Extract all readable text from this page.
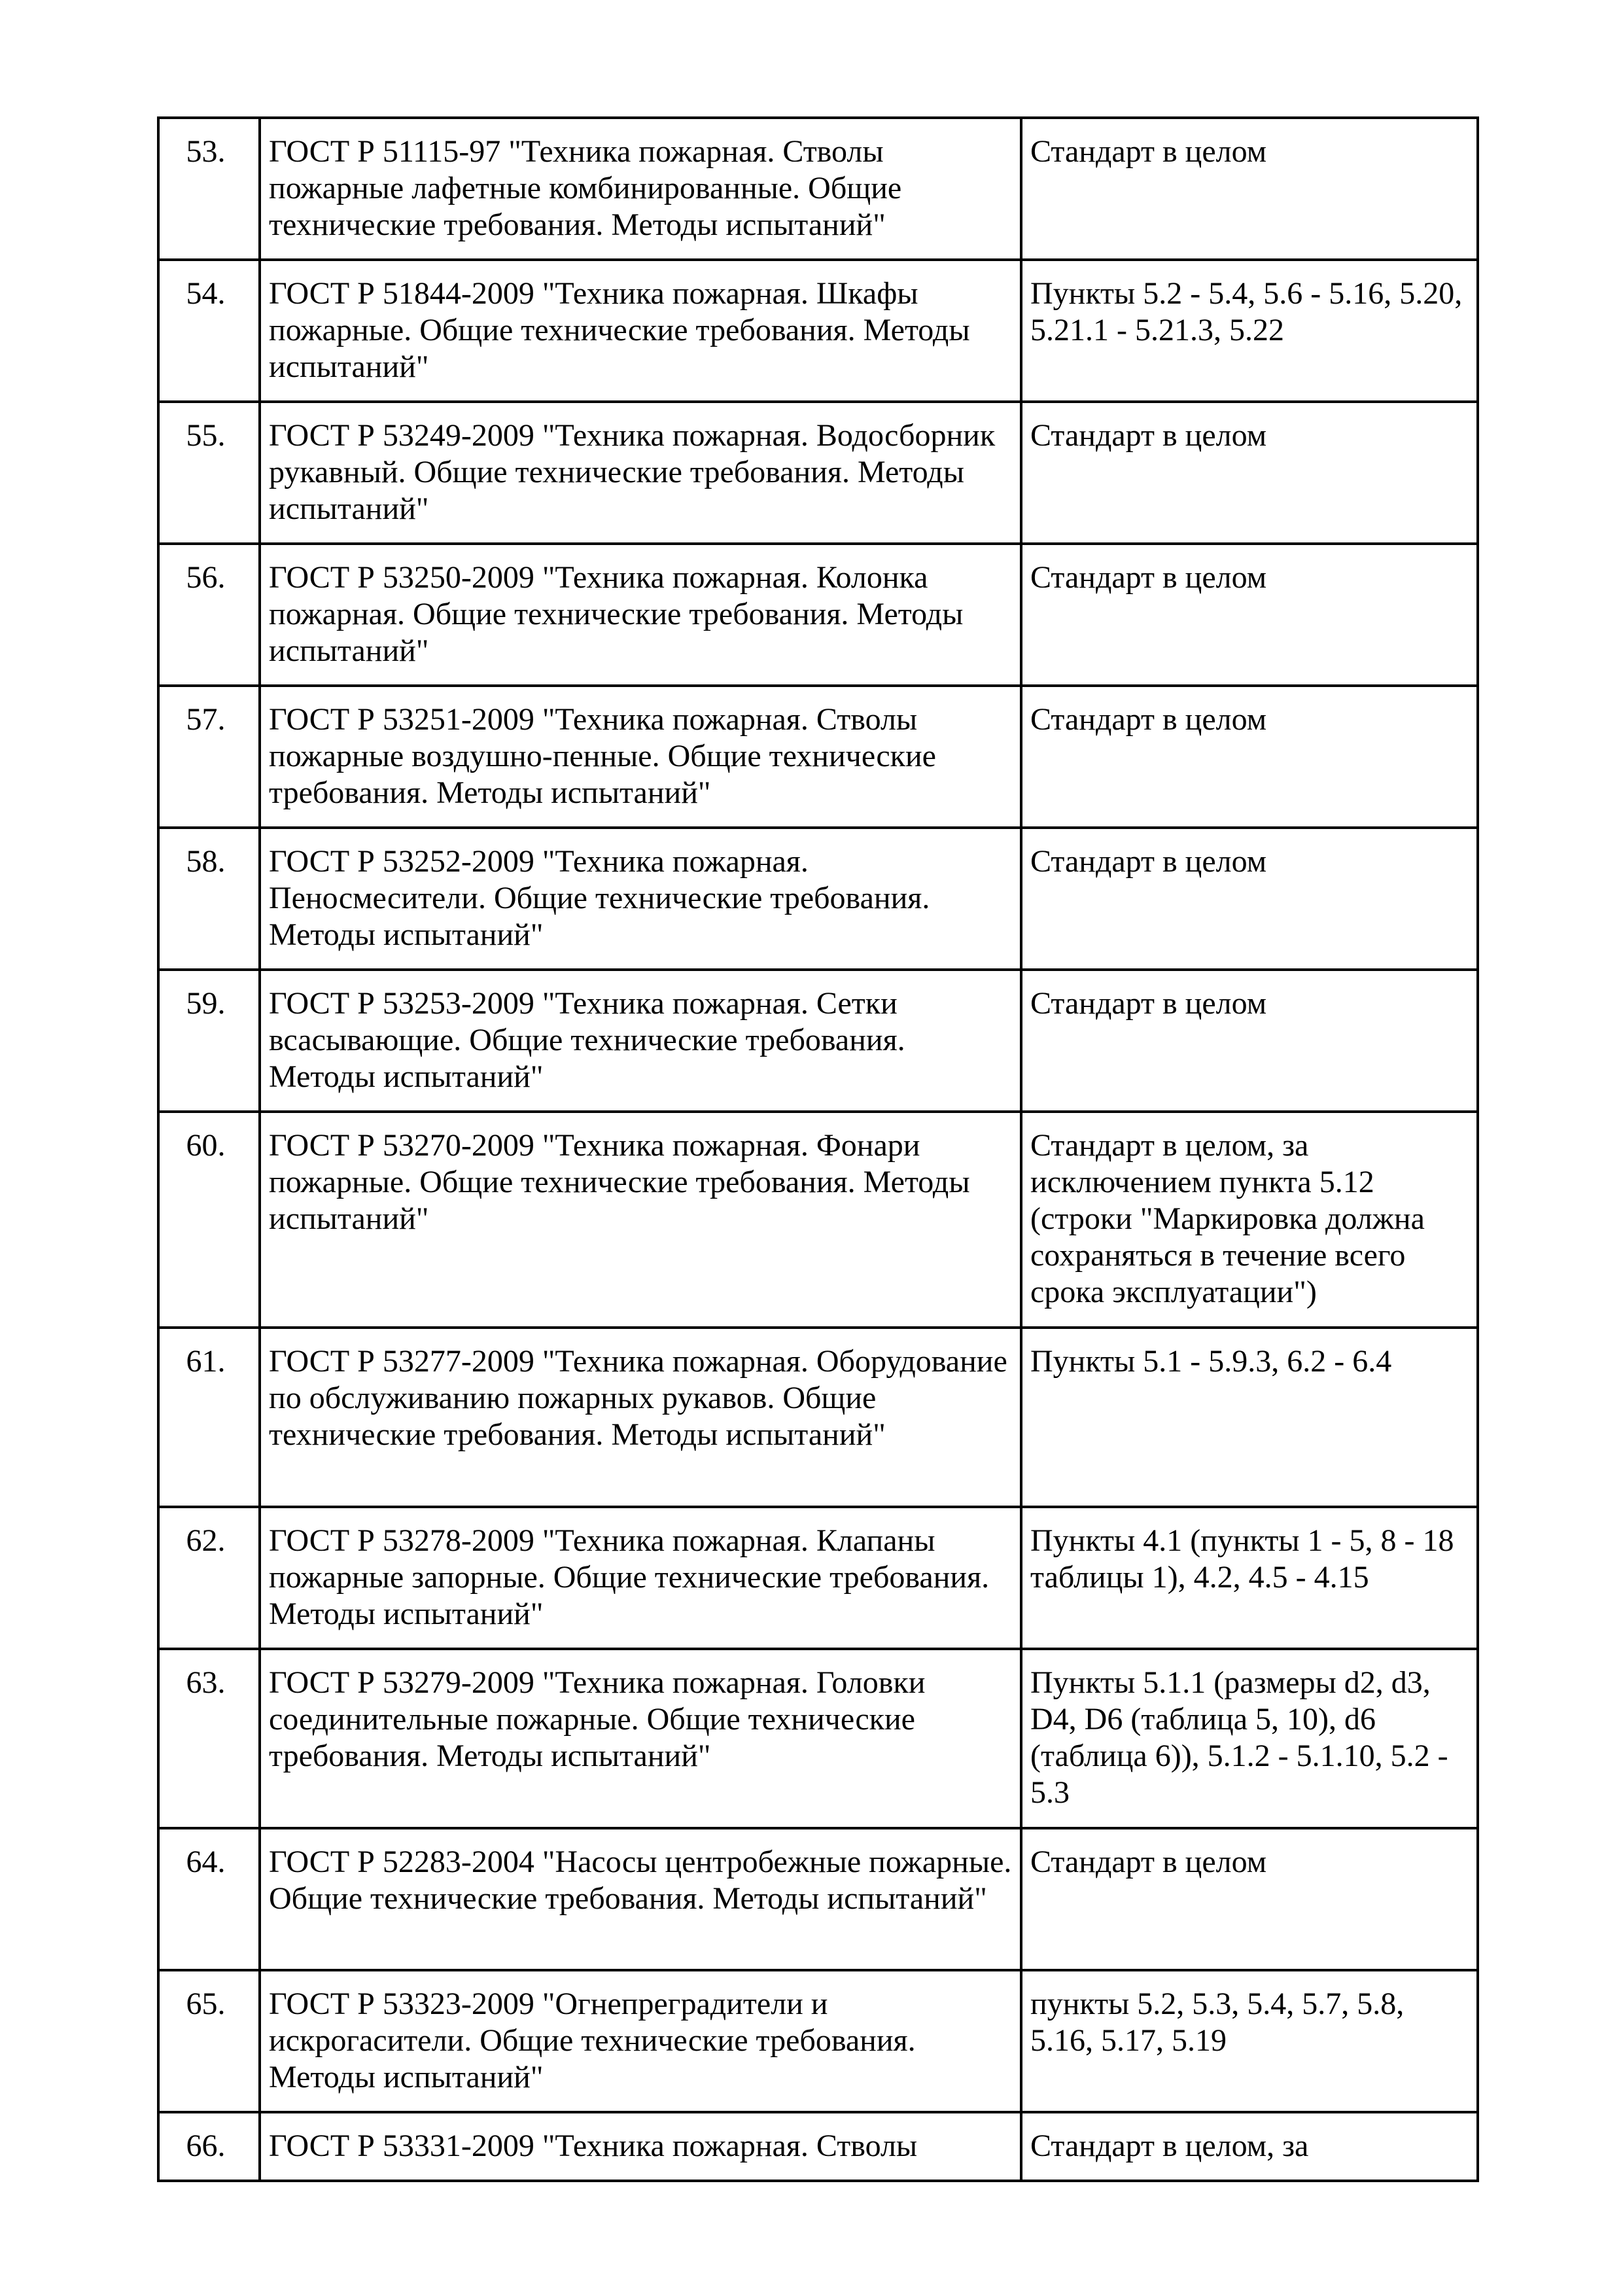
53.	ГОСТ Р 51115-97 "Техника пожарная. Стволы пожарные лафетные комбинированные. Общие технические требования. Методы испытаний"	Стандарт в целом
54.	ГОСТ Р 51844-2009 "Техника пожарная. Шкафы пожарные. Общие технические требования. Методы испытаний"	Пункты 5.2 - 5.4, 5.6 - 5.16, 5.20, 5.21.1 - 5.21.3, 5.22
55.	ГОСТ Р 53249-2009 "Техника пожарная. Водосборник рукавный. Общие технические требования. Методы испытаний"	Стандарт в целом
56.	ГОСТ Р 53250-2009 "Техника пожарная. Колонка пожарная. Общие технические требования. Методы испытаний"	Стандарт в целом
57.	ГОСТ Р 53251-2009 "Техника пожарная. Стволы пожарные воздушно-пенные. Общие технические требования. Методы испытаний"	Стандарт в целом
58.	ГОСТ Р 53252-2009 "Техника пожарная. Пеносмесители. Общие технические требования. Методы испытаний"	Стандарт в целом
59.	ГОСТ Р 53253-2009 "Техника пожарная. Сетки всасывающие. Общие технические требования. Методы испытаний"	Стандарт в целом
60.	ГОСТ Р 53270-2009 "Техника пожарная. Фонари пожарные. Общие технические требования. Методы испытаний"	Стандарт в целом, за исключением пункта 5.12 (строки "Маркировка должна сохраняться в течение всего срока эксплуатации")
61.	ГОСТ Р 53277-2009 "Техника пожарная. Оборудование по обслуживанию пожарных рукавов. Общие технические требования. Методы испытаний"	Пункты 5.1 - 5.9.3, 6.2 - 6.4
62.	ГОСТ Р 53278-2009 "Техника пожарная. Клапаны пожарные запорные. Общие технические требования. Методы испытаний"	Пункты 4.1 (пункты 1 - 5, 8 - 18 таблицы 1), 4.2, 4.5 - 4.15
63.	ГОСТ Р 53279-2009 "Техника пожарная. Головки соединительные пожарные. Общие технические требования. Методы испытаний"	Пункты 5.1.1 (размеры d2, d3, D4, D6 (таблица 5, 10), d6 (таблица 6)), 5.1.2 - 5.1.10, 5.2 - 5.3
64.	ГОСТ Р 52283-2004 "Насосы центробежные пожарные. Общие технические требования. Методы испытаний"	Стандарт в целом
65.	ГОСТ Р 53323-2009 "Огнепреградители и искрогасители. Общие технические требования. Методы испытаний"	пункты 5.2, 5.3, 5.4, 5.7, 5.8, 5.16, 5.17, 5.19
66.	ГОСТ Р 53331-2009 "Техника пожарная. Стволы	Стандарт в целом, за
